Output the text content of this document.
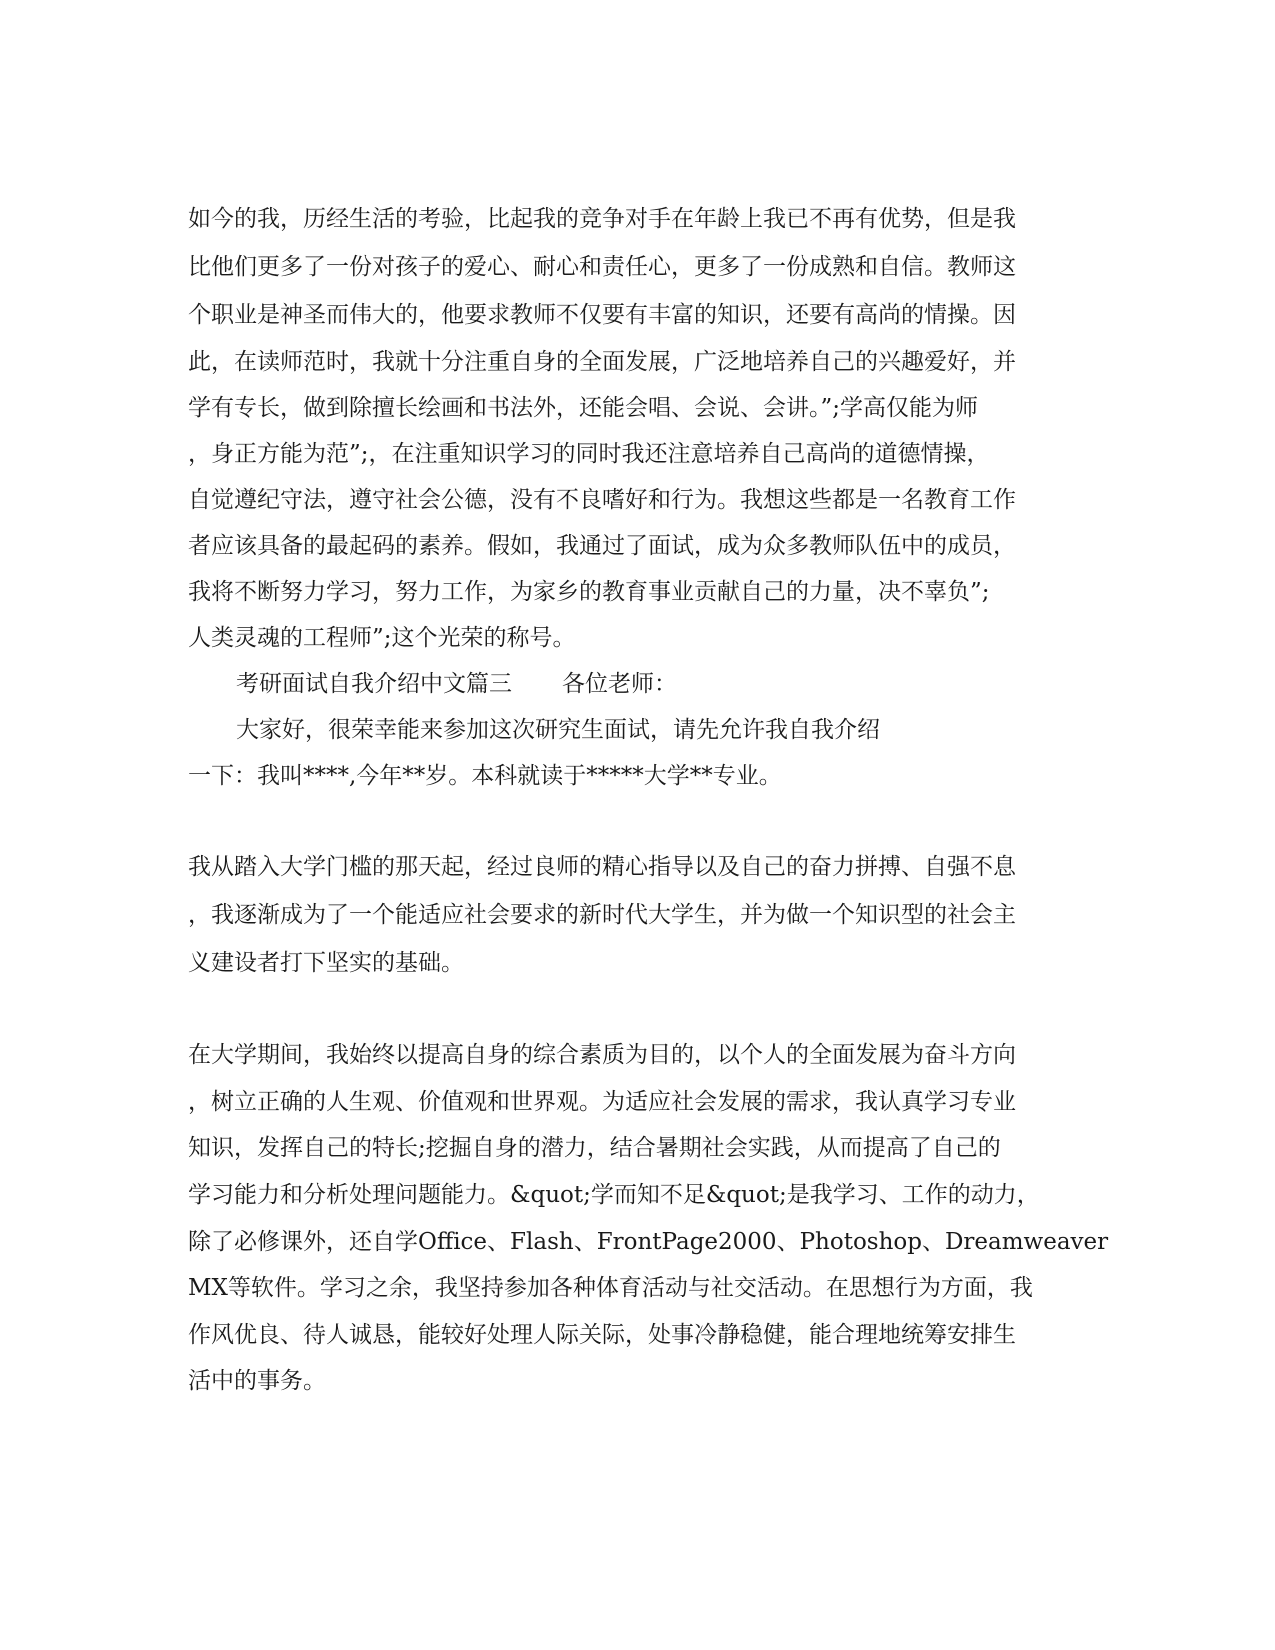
如今的我，历经生活的考验，比起我的竞争对手在年龄上我已不再有优势，但是我
比他们更多了一份对孩子的爱心、耐心和责任心，更多了一份成熟和自信。教师这
个职业是神圣而伟大的，他要求教师不仅要有丰富的知识，还要有高尚的情操。因
此，在读师范时，我就十分注重自身的全面发展，广泛地培养自己的兴趣爱好，并
学有专长，做到除擅长绘画和书法外，还能会唱、会说、会讲。”;学高仅能为师
，身正方能为范”;，在注重知识学习的同时我还注意培养自己高尚的道德情操，
自觉遵纪守法，遵守社会公德，没有不良嗜好和行为。我想这些都是一名教育工作
者应该具备的最起码的素养。假如，我通过了面试，成为众多教师队伍中的成员，
我将不断努力学习，努力工作，为家乡的教育事业贡献自己的力量，决不辜负”;
人类灵魂的工程师”;这个光荣的称号。
考研面试自我介绍中文篇三 各位老师：
大家好，很荣幸能来参加这次研究生面试，请先允许我自我介绍
一下：我叫****,今年**岁。本科就读于*****大学**专业。
我从踏入大学门槛的那天起，经过良师的精心指导以及自己的奋力拼搏、自强不息
，我逐渐成为了一个能适应社会要求的新时代大学生，并为做一个知识型的社会主
义建设者打下坚实的基础。
在大学期间，我始终以提高自身的综合素质为目的，以个人的全面发展为奋斗方向
，树立正确的人生观、价值观和世界观。为适应社会发展的需求，我认真学习专业
知识，发挥自己的特长;挖掘自身的潜力，结合暑期社会实践，从而提高了自己的
学习能力和分析处理问题能力。&quot;学而知不足&quot;是我学习、工作的动力，
除了必修课外，还自学Office、Flash、FrontPage2000、Photoshop、Dreamweaver
MX等软件。学习之余，我坚持参加各种体育活动与社交活动。在思想行为方面，我
作风优良、待人诚恳，能较好处理人际关际，处事冷静稳健，能合理地统筹安排生
活中的事务。
